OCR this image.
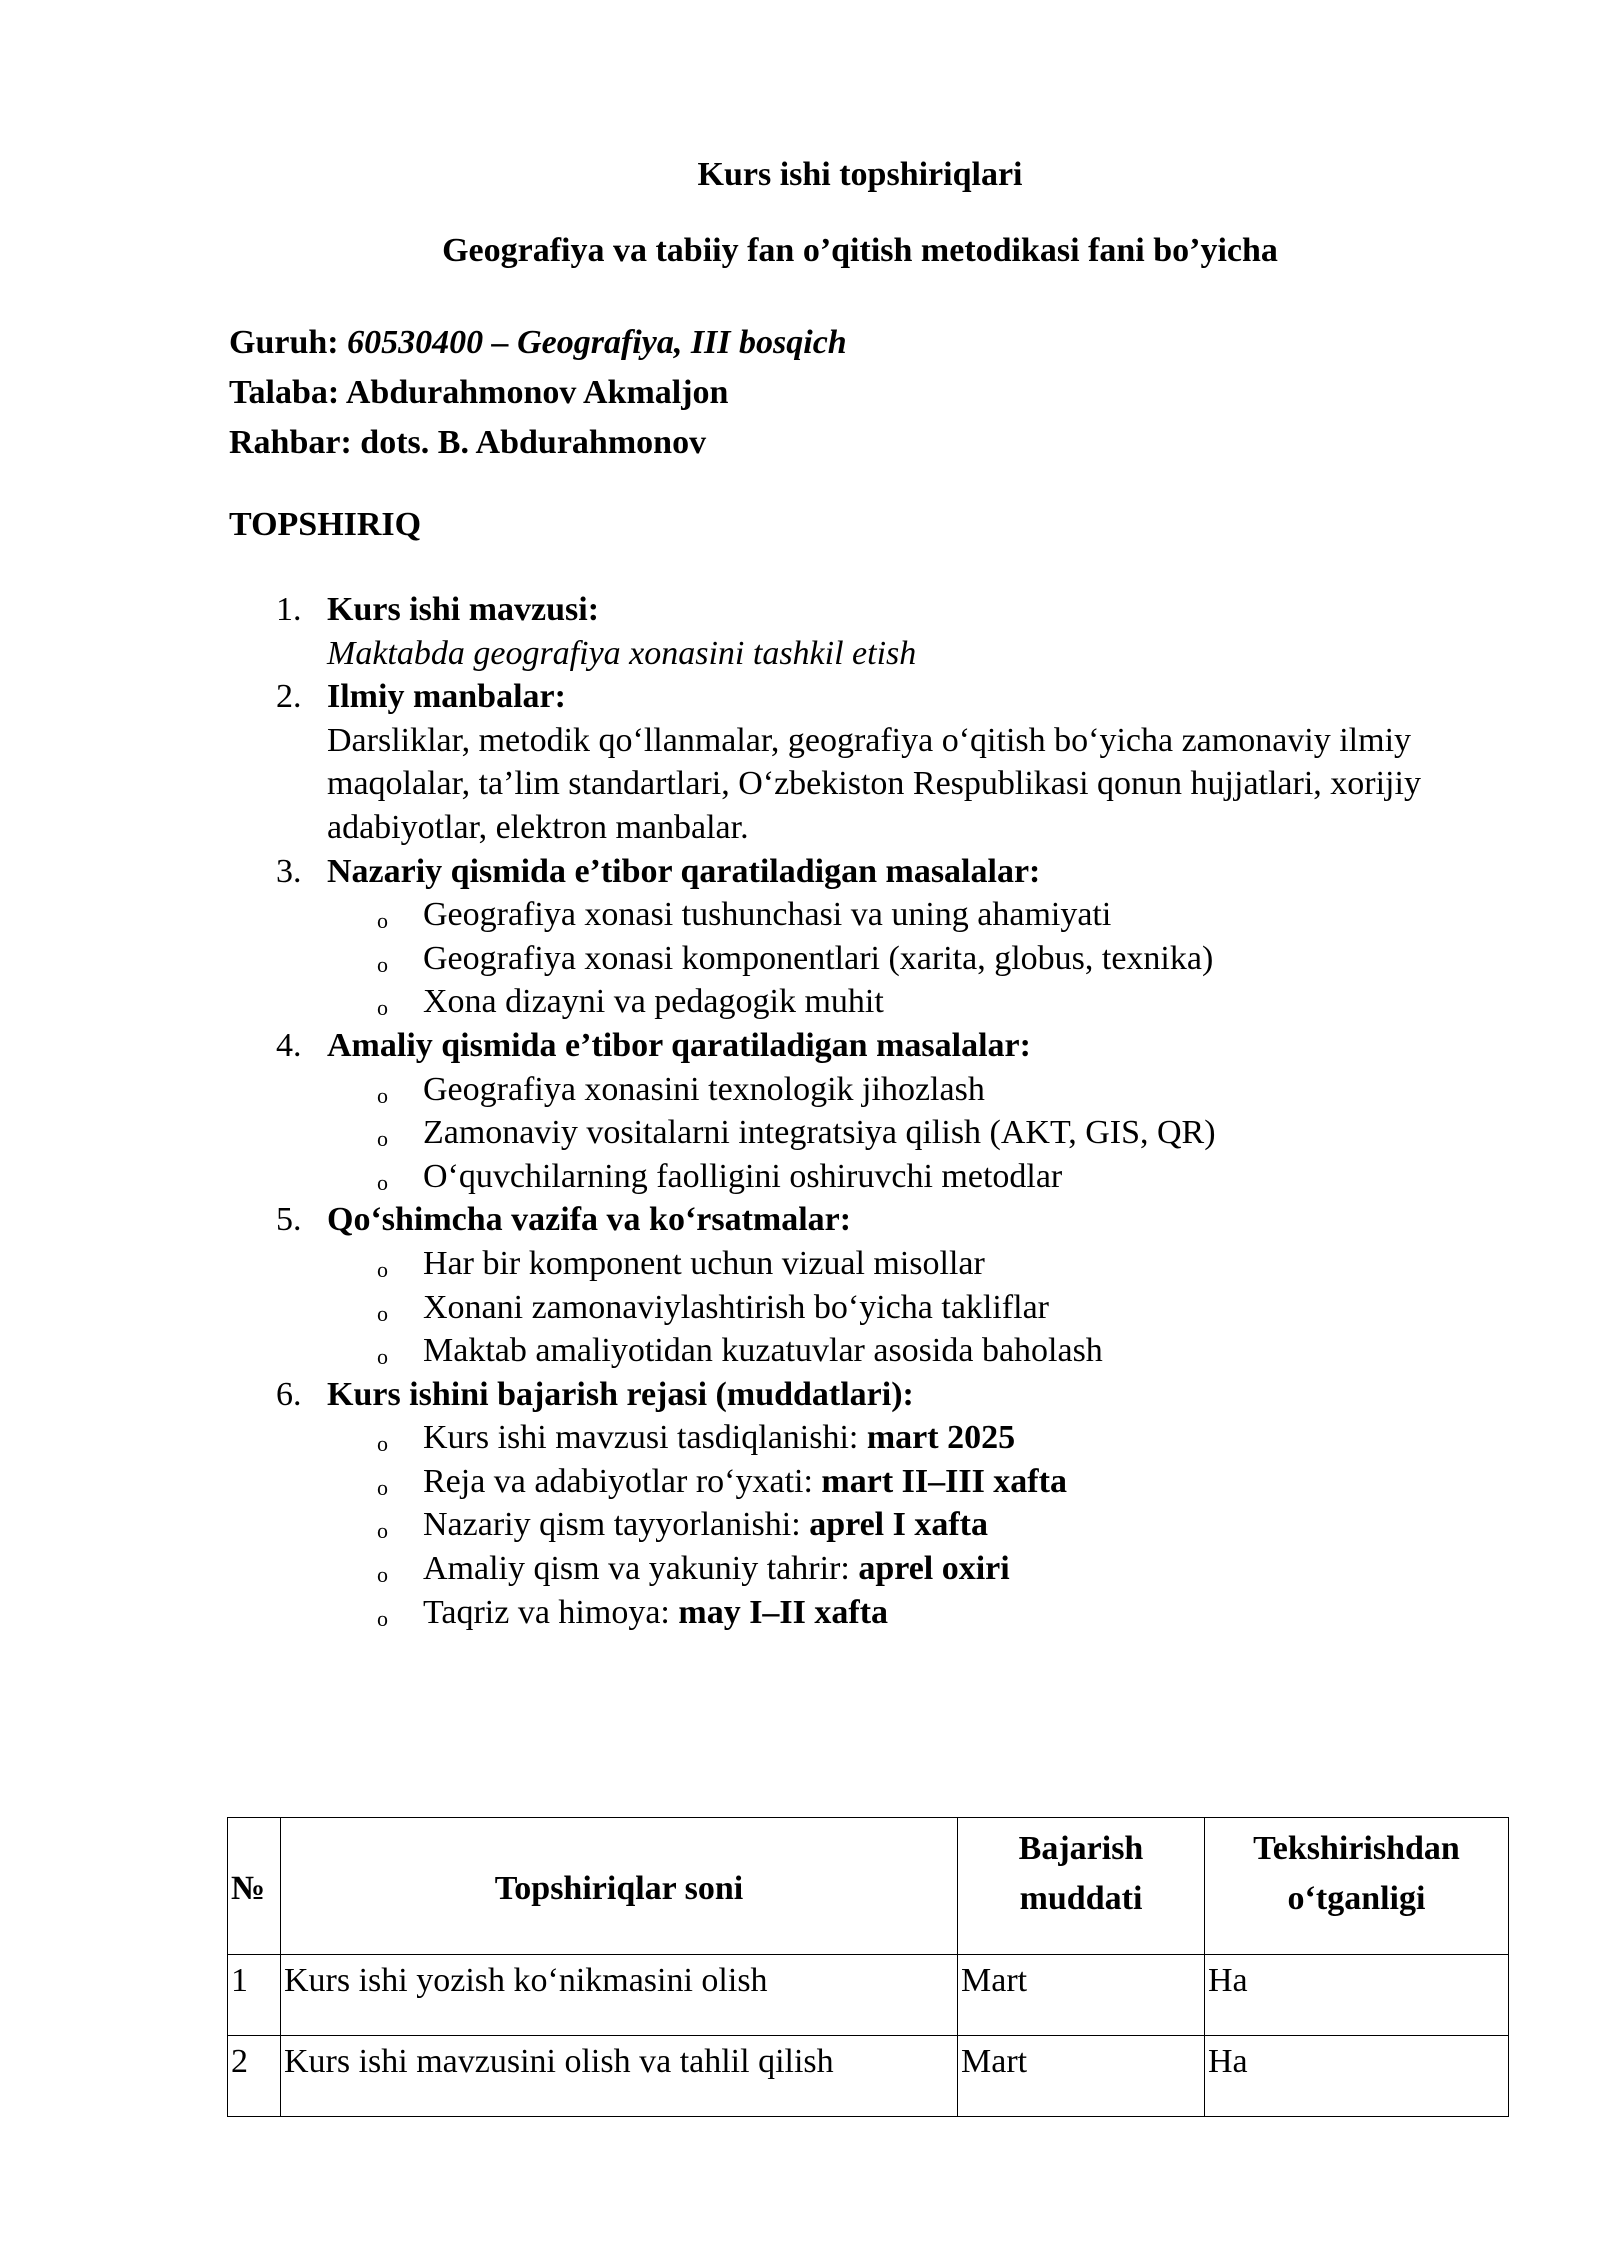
Kurs ishi topshiriqlari
Geografiya va tabiiy fan o’qitish metodikasi fani bo’yicha
Guruh: 60530400 – Geografiya, III bosqich
Talaba: Abdurahmonov Akmaljon
Rahbar: dots. B. Abdurahmonov
TOPSHIRIQ
1. Kurs ishi mavzusi:
Maktabda geografiya xonasini tashkil etish
2. Ilmiy manbalar:
Darsliklar, metodik qo‘llanmalar, geografiya o‘qitish bo‘yicha zamonaviy ilmiy maqolalar, ta’lim standartlari, O‘zbekiston Respublikasi qonun hujjatlari, xorijiy adabiyotlar, elektron manbalar.
3. Nazariy qismida e’tibor qaratiladigan masalalar:
o Geografiya xonasi tushunchasi va uning ahamiyati
o Geografiya xonasi komponentlari (xarita, globus, texnika)
o Xona dizayni va pedagogik muhit
4. Amaliy qismida e’tibor qaratiladigan masalalar:
o Geografiya xonasini texnologik jihozlash
o Zamonaviy vositalarni integratsiya qilish (AKT, GIS, QR)
o O‘quvchilarning faolligini oshiruvchi metodlar
5. Qo‘shimcha vazifa va ko‘rsatmalar:
o Har bir komponent uchun vizual misollar
o Xonani zamonaviylashtirish bo‘yicha takliflar
o Maktab amaliyotidan kuzatuvlar asosida baholash
6. Kurs ishini bajarish rejasi (muddatlari):
o Kurs ishi mavzusi tasdiqlanishi: mart 2025
o Reja va adabiyotlar ro‘yxati: mart II–III xafta
o Nazariy qism tayyorlanishi: aprel I xafta
o Amaliy qism va yakuniy tahrir: aprel oxiri
o Taqriz va himoya: may I–II xafta
№	Topshiriqlar soni	Bajarish muddati	Tekshirishdan o‘tganligi
1	Kurs ishi yozish ko‘nikmasini olish	Mart	Ha
2	Kurs ishi mavzusini olish va tahlil qilish	Mart	Ha
